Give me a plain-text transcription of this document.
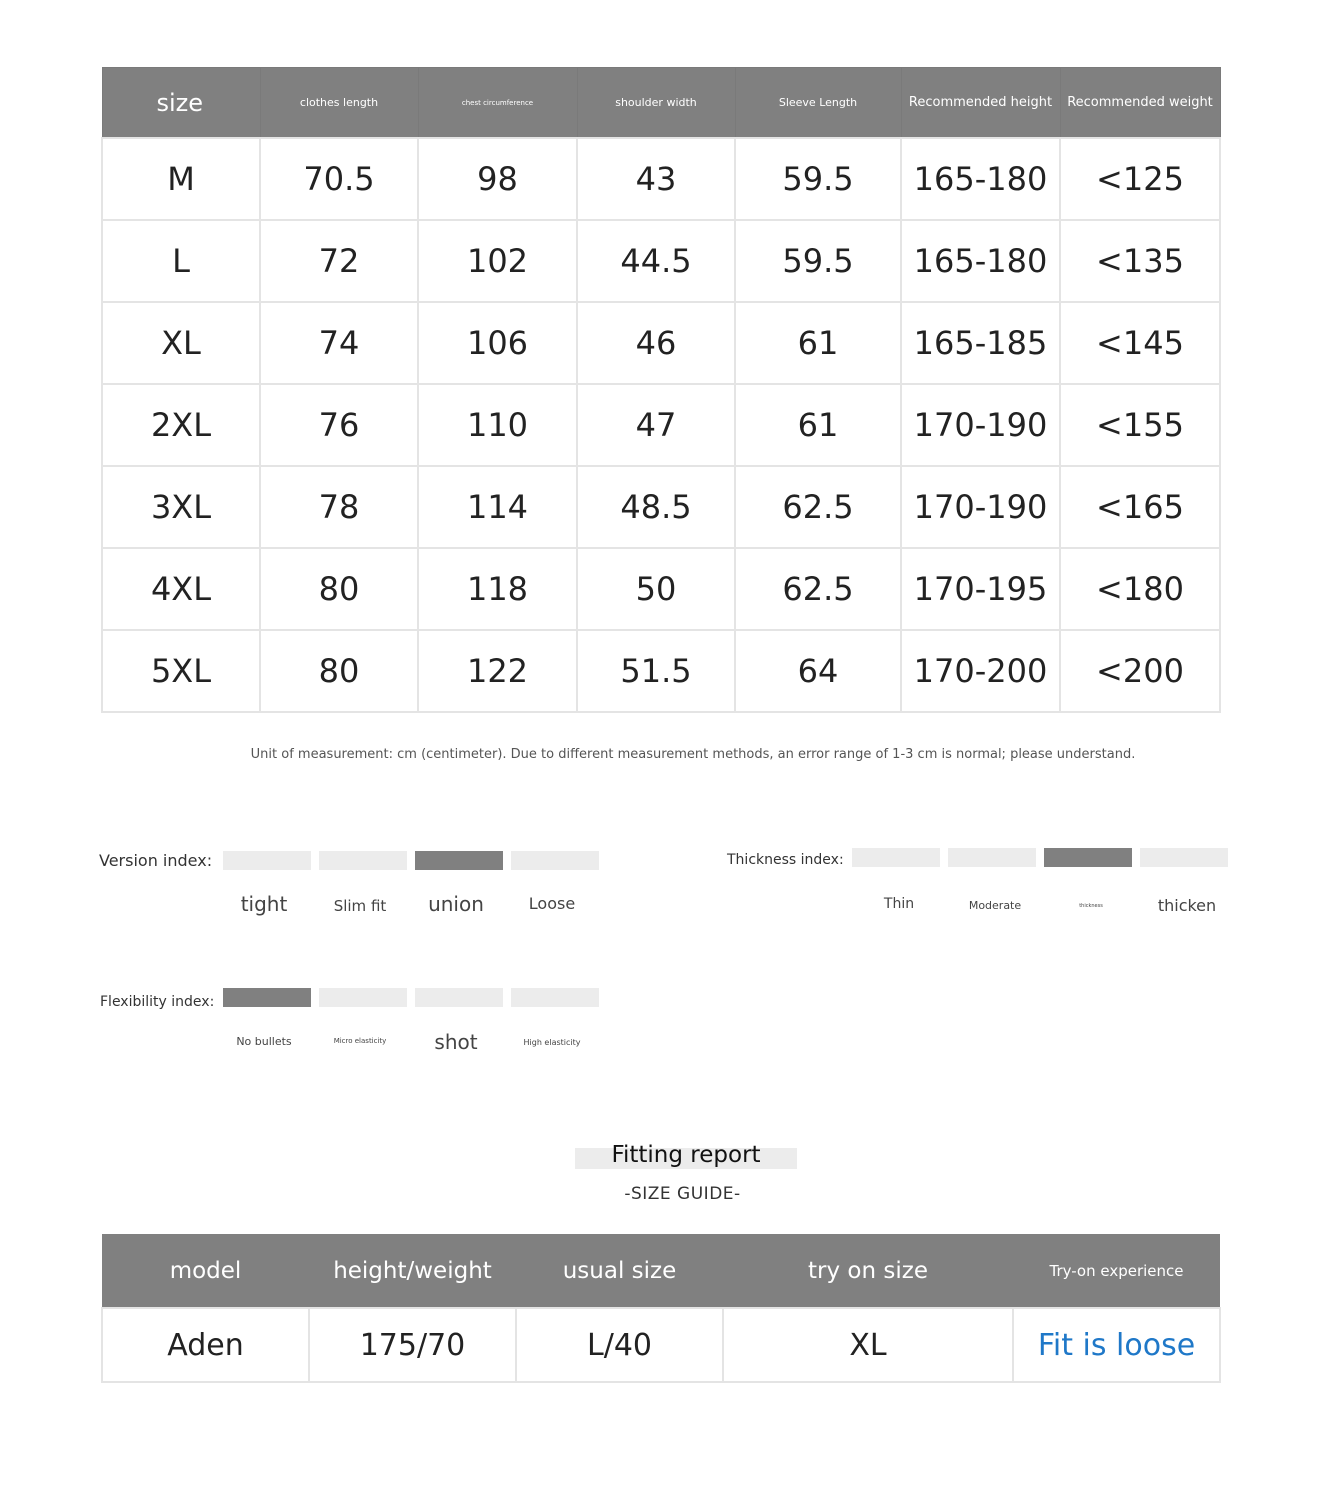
size	clothes length	chest circumference	shoulder width	Sleeve Length	Recommended height	Recommended weight
M	70.5	98	43	59.5	165-180	<125
L	72	102	44.5	59.5	165-180	<135
XL	74	106	46	61	165-185	<145
2XL	76	110	47	61	170-190	<155
3XL	78	114	48.5	62.5	170-190	<165
4XL	80	118	50	62.5	170-195	<180
5XL	80	122	51.5	64	170-200	<200
Unit of measurement: cm (centimeter). Due to different measurement methods, an error range of 1-3 cm is normal; please understand.
Version index:
tight	Slim fit	union	Loose
Thickness index:
Thin	Moderate	thickness	thicken
Flexibility index:
No bullets	Micro elasticity	shot	High elasticity
Fitting report
-SIZE GUIDE-
model	height/weight	usual size	try on size	Try-on experience
Aden	175/70	L/40	XL	Fit is loose
